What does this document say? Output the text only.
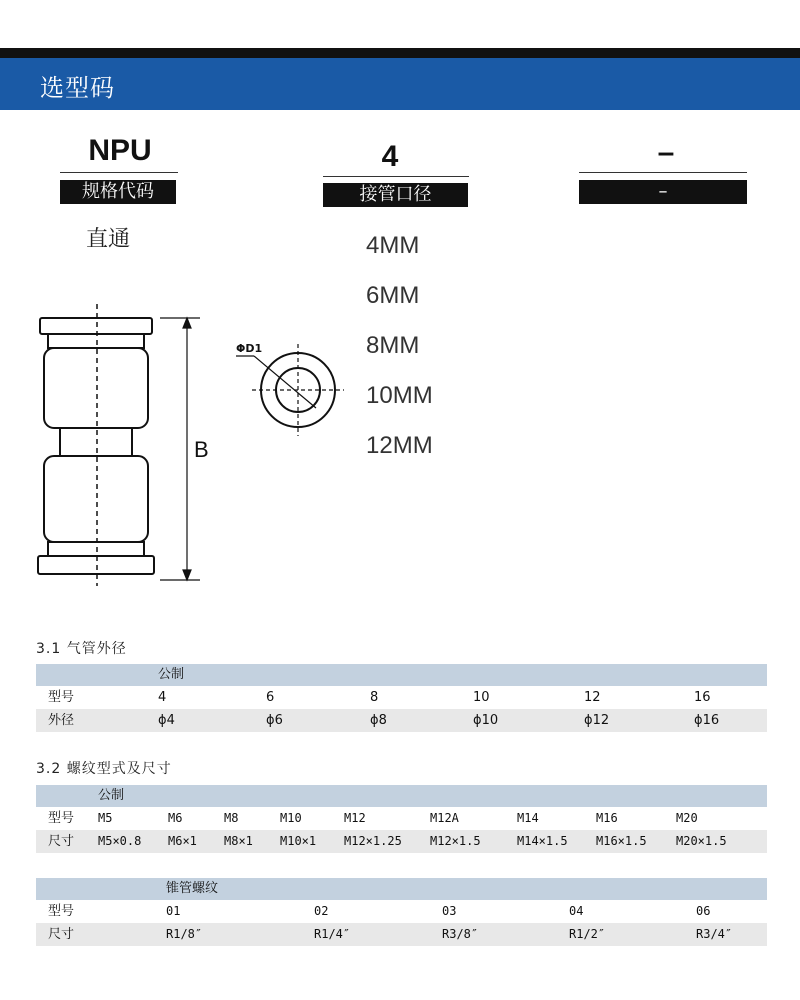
选型码
NPU
规格代码
4
接管口径
–
–
直通	4MM
6MM
8MM
10MM
12MM
B
ΦD1
3.1 气管外径
公制
型号	4	6	8	10	12	16
外径	ϕ4	ϕ6	ϕ8	ϕ10	ϕ12	ϕ16
3.2 螺纹型式及尺寸
公制
型号 M5	M6	M8	M10	M12	M12A	M14	M16	M20
尺寸 M5×0.8 M6×1 M8×1 M10×1 M12×1.25 M12×1.5	M14×1.5 M16×1.5 M20×1.5
锥管螺纹
型号	01	02	03	04	06
尺寸	R1/8″	R1/4″	R3/8″	R1/2″	R3/4″
